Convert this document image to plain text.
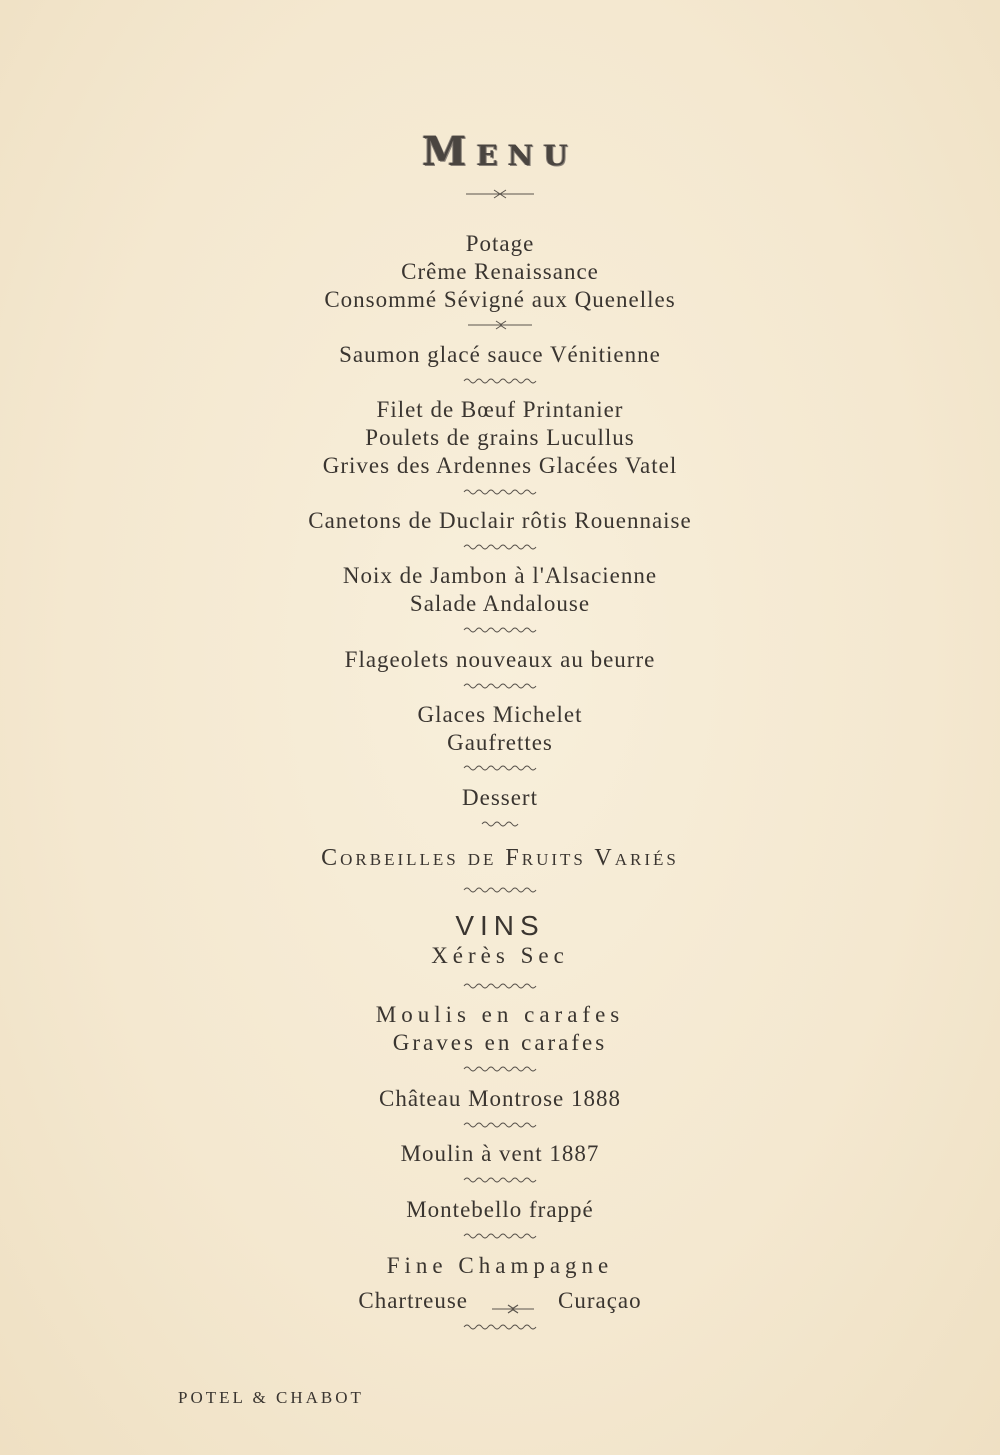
Menu
Potage
Crême Renaissance
Consommé Sévigné aux Quenelles
Saumon glacé sauce Vénitienne
Filet de Bœuf Printanier
Poulets de grains Lucullus
Grives des Ardennes Glacées Vatel
Canetons de Duclair rôtis Rouennaise
Noix de Jambon à l'Alsacienne
Salade Andalouse
Flageolets nouveaux au beurre
Glaces Michelet
Gaufrettes
Dessert
Corbeilles de Fruits Variés
VINS
Xérès Sec
Moulis en carafes
Graves en carafes
Château Montrose 1888
Moulin à vent 1887
Montebello frappé
Fine Champagne
Chartreuse	Curaçao
POTEL & CHABOT
